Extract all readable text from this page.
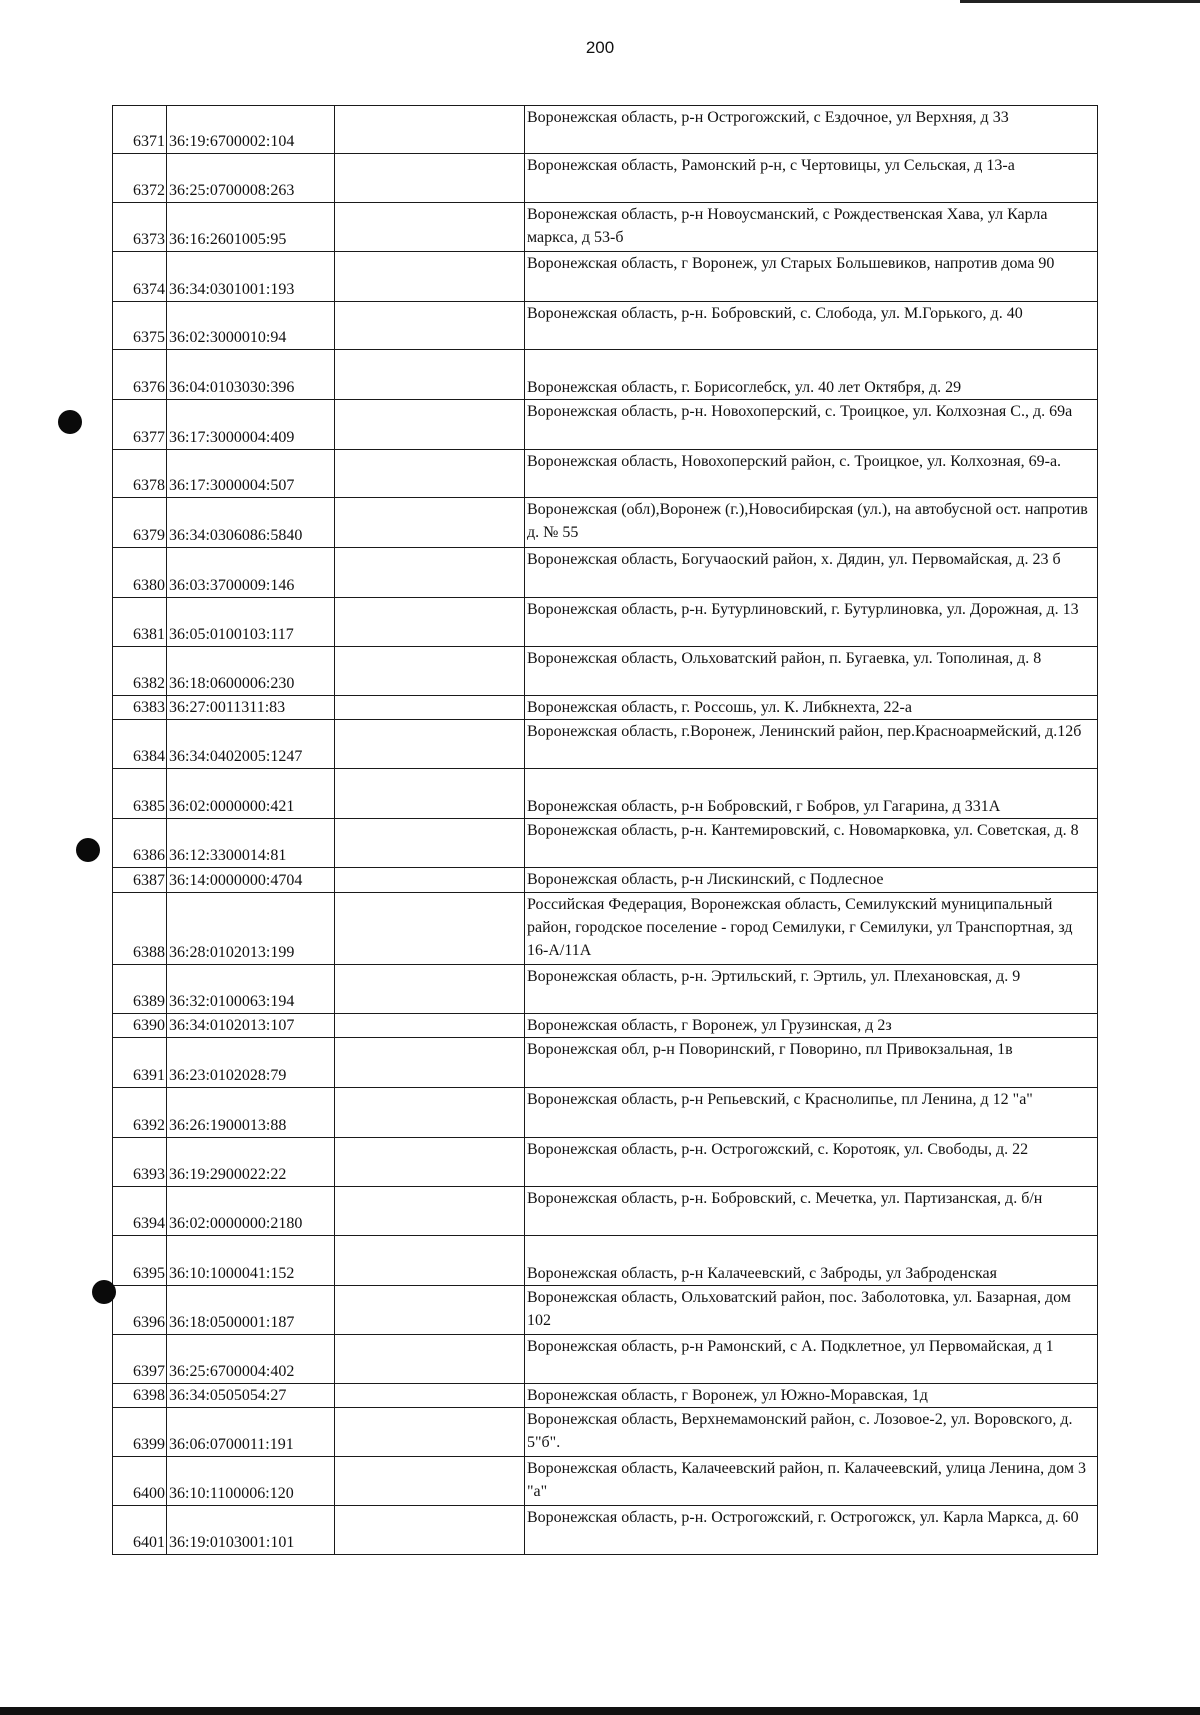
200
6371	36:19:6700002:104		Воронежская область, р-н Острогожский, с Ездочное, ул Верхняя, д 33
6372	36:25:0700008:263		Воронежская область, Рамонский р-н, с Чертовицы, ул Сельская, д 13-а
6373	36:16:2601005:95		Воронежская область, р-н Новоусманский, с Рождественская Хава, ул Карла маркса, д 53-б
6374	36:34:0301001:193		Воронежская область, г Воронеж, ул Старых Большевиков, напротив дома 90
6375	36:02:3000010:94		Воронежская область, р-н. Бобровский, с. Слобода, ул. М.Горького, д. 40
6376	36:04:0103030:396		Воронежская область, г. Борисоглебск, ул. 40 лет Октября, д. 29
6377	36:17:3000004:409		Воронежская область, р-н. Новохоперский, с. Троицкое, ул. Колхозная С., д. 69а
6378	36:17:3000004:507		Воронежская область, Новохоперский район, с. Троицкое, ул. Колхозная, 69-а.
6379	36:34:0306086:5840		Воронежская (обл),Воронеж (г.),Новосибирская (ул.), на автобусной ост. напротив д. № 55
6380	36:03:3700009:146		Воронежская область, Богучаоский район, х. Дядин, ул. Первомайская, д. 23 б
6381	36:05:0100103:117		Воронежская область, р-н. Бутурлиновский, г. Бутурлиновка, ул. Дорожная, д. 13
6382	36:18:0600006:230		Воронежская область, Ольховатский район, п. Бугаевка, ул. Тополиная, д. 8
6383	36:27:0011311:83		Воронежская область, г. Россошь, ул. К. Либкнехта, 22-а
6384	36:34:0402005:1247		Воронежская область, г.Воронеж, Ленинский район, пер.Красноармейский, д.12б
6385	36:02:0000000:421		Воронежская область, р-н Бобровский, г Бобров, ул Гагарина, д 331А
6386	36:12:3300014:81		Воронежская область, р-н. Кантемировский, с. Новомарковка, ул. Советская, д. 8
6387	36:14:0000000:4704		Воронежская область, р-н Лискинский, с Подлесное
6388	36:28:0102013:199		Российская Федерация, Воронежская область, Семилукский муниципальный район, городское поселение - город Семилуки, г Семилуки, ул Транспортная, зд 16-А/11А
6389	36:32:0100063:194		Воронежская область, р-н. Эртильский, г. Эртиль, ул. Плехановская, д. 9
6390	36:34:0102013:107		Воронежская область, г Воронеж, ул Грузинская, д 2з
6391	36:23:0102028:79		Воронежская обл, р-н Поворинский, г Поворино, пл Привокзальная, 1в
6392	36:26:1900013:88		Воронежская область, р-н Репьевский, с Краснолипье, пл Ленина, д 12 "а"
6393	36:19:2900022:22		Воронежская область, р-н. Острогожский, с. Коротояк, ул. Свободы, д. 22
6394	36:02:0000000:2180		Воронежская область, р-н. Бобровский, с. Мечетка, ул. Партизанская, д. б/н
6395	36:10:1000041:152		Воронежская область, р-н Калачеевский, с Заброды, ул Заброденская
6396	36:18:0500001:187		Воронежская область, Ольховатский район, пос. Заболотовка, ул. Базарная, дом 102
6397	36:25:6700004:402		Воронежская область, р-н Рамонский, с А. Подклетное, ул Первомайская, д 1
6398	36:34:0505054:27		Воронежская область, г Воронеж, ул Южно-Моравская, 1д
6399	36:06:0700011:191		Воронежская область, Верхнемамонский район, с. Лозовое-2, ул. Воровского, д. 5"б".
6400	36:10:1100006:120		Воронежская область, Калачеевский район, п. Калачеевский, улица Ленина, дом 3 "а"
6401	36:19:0103001:101		Воронежская область, р-н. Острогожский, г. Острогожск, ул. Карла Маркса, д. 60
